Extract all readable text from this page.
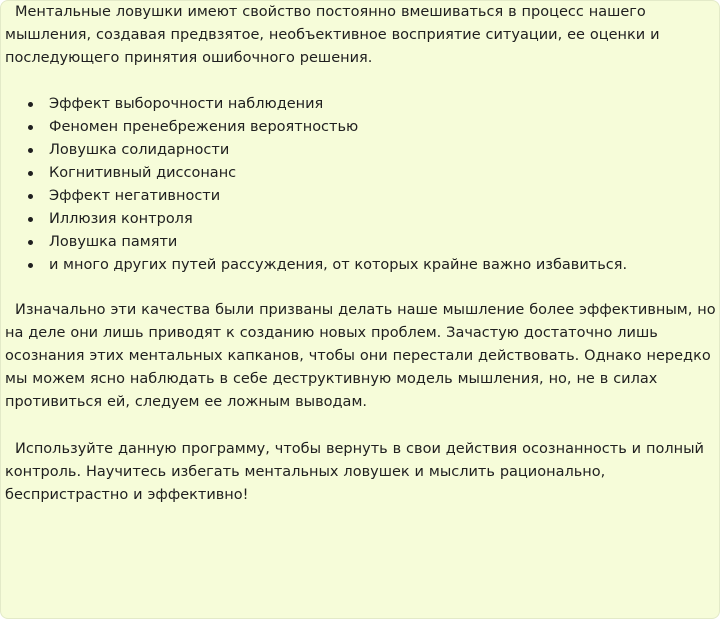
Ментальные ловушки имеют свойство постоянно вмешиваться в процесс нашего мышления, создавая предвзятое, необъективное восприятие ситуации, ее оценки и последующего принятия ошибочного решения.

Эффект выборочности наблюдения
Феномен пренебрежения вероятностью
Ловушка солидарности
Когнитивный диссонанс
Эффект негативности
Иллюзия контроля
Ловушка памяти
и много других путей рассуждения, от которых крайне важно избавиться.

Изначально эти качества были призваны делать наше мышление более эффективным, но на деле они лишь приводят к созданию новых проблем. Зачастую достаточно лишь осознания этих ментальных капканов, чтобы они перестали действовать. Однако нередко мы можем ясно наблюдать в себе деструктивную модель мышления, но, не в силах противиться ей, следуем ее ложным выводам.

Используйте данную программу, чтобы вернуть в свои действия осознанность и полный контроль. Научитесь избегать ментальных ловушек и мыслить рационально, беспристрастно и эффективно!
